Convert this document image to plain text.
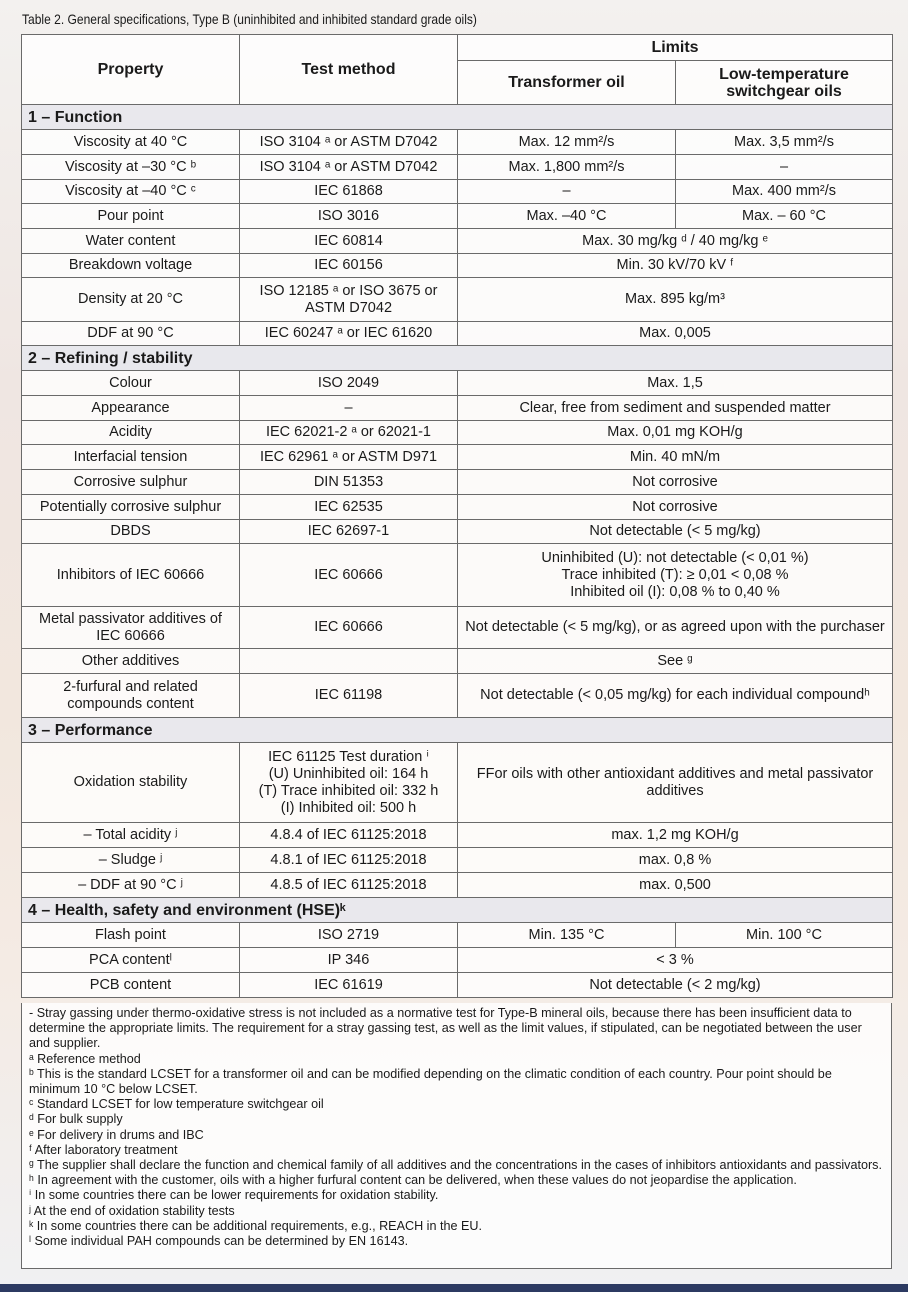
Table 2. General specifications, Type B (uninhibited and inhibited standard grade oils)
Property	Test method	Limits	
		Transformer oil	Low-temperature switchgear oils
1 – Function			
Viscosity at 40 °C	ISO 3104 ᵃ or ASTM D7042	Max. 12 mm²/s	Max. 3,5 mm²/s
Viscosity at –30 °C ᵇ	ISO 3104 ᵃ or ASTM D7042	Max. 1,800 mm²/s	–
Viscosity at –40 °C ᶜ	IEC 61868	–	Max. 400 mm²/s
Pour point	ISO 3016	Max. –40 °C	Max. – 60 °C
Water content	IEC 60814	Max. 30 mg/kg ᵈ / 40 mg/kg ᵉ	
Breakdown voltage	IEC 60156	Min. 30 kV/70 kV ᶠ	
Density at 20 °C	ISO 12185 ᵃ or ISO 3675 or ASTM D7042	Max. 895 kg/m³	
DDF at 90 °C	IEC 60247 ᵃ or IEC 61620	Max. 0,005	
2 – Refining / stability			
Colour	ISO 2049	Max. 1,5	
Appearance	–	Clear, free from sediment and suspended matter	
Acidity	IEC 62021-2 ᵃ or 62021-1	Max. 0,01 mg KOH/g	
Interfacial tension	IEC 62961 ᵃ or ASTM D971	Min. 40 mN/m	
Corrosive sulphur	DIN 51353	Not corrosive	
Potentially corrosive sulphur	IEC 62535	Not corrosive	
DBDS	IEC 62697-1	Not detectable (< 5 mg/kg)	
Inhibitors of IEC 60666	IEC 60666	Uninhibited (U): not detectable (< 0,01 %)
Trace inhibited (T): ≥ 0,01 < 0,08 %
Inhibited oil (I): 0,08 % to 0,40 %	

Metal passivator additives of IEC 60666	IEC 60666	Not detectable (< 5 mg/kg), or as agreed upon with the purchaser	
Other additives		See ᵍ	
2-furfural and related compounds content	IEC 61198	Not detectable (< 0,05 mg/kg) for each individual compoundʰ	
3 – Performance			
Oxidation stability	IEC 61125 Test duration ⁱ
(U) Uninhibited oil: 164 h
(T) Trace inhibited oil: 332 h
(I) Inhibited oil: 500 h	FFor oils with other antioxidant additives and metal passivator additives	
– Total acidity ʲ	4.8.4 of IEC 61125:2018	max. 1,2 mg KOH/g	
– Sludge ʲ	4.8.1 of IEC 61125:2018	max. 0,8 %	
– DDF at 90 °C ʲ	4.8.5 of IEC 61125:2018	max. 0,500	
4 – Health, safety and environment (HSE)ᵏ			
Flash point	ISO 2719	Min. 135 °C	Min. 100 °C
PCA contentˡ	IP 346	< 3 %	
PCB content	IEC 61619	Not detectable (< 2 mg/kg)	
- Stray gassing under thermo-oxidative stress is not included as a normative test for Type-B mineral oils, because there has been insufficient data to determine the appropriate limits. The requirement for a stray gassing test, as well as the limit values, if stipulated, can be negotiated between the user and supplier.
ᵃ Reference method
ᵇ This is the standard LCSET for a transformer oil and can be modified depending on the climatic condition of each country. Pour point should be minimum 10 °C below LCSET.
ᶜ Standard LCSET for low temperature switchgear oil
ᵈ For bulk supply
ᵉ For delivery in drums and IBC
ᶠ After laboratory treatment
ᵍ The supplier shall declare the function and chemical family of all additives and the concentrations in the cases of inhibitors antioxidants and passivators.
ʰ In agreement with the customer, oils with a higher furfural content can be delivered, when these values do not jeopardise the application.
ⁱ In some countries there can be lower requirements for oxidation stability.
ʲ At the end of oxidation stability tests
ᵏ In some countries there can be additional requirements, e.g., REACH in the EU.
ˡ Some individual PAH compounds can be determined by EN 16143.
